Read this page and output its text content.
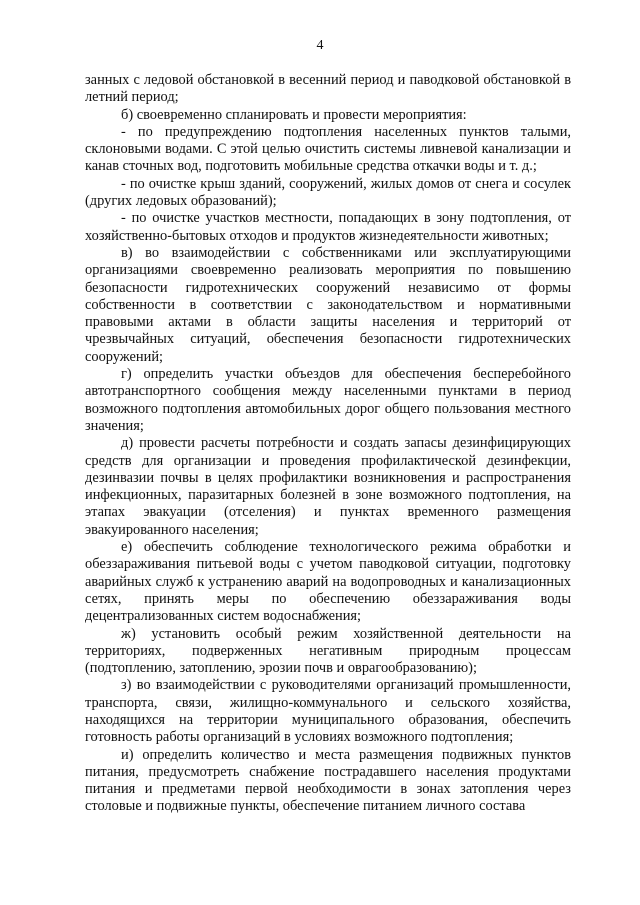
4

занных с ледовой обстановкой в весенний период и паводковой обстановкой в летний период;

б) своевременно спланировать и провести мероприятия:

- по предупреждению подтопления населенных пунктов талыми, склоновыми водами. С этой целью очистить системы ливневой канализации и канав сточных вод, подготовить мобильные средства откачки воды и т. д.;

- по очистке крыш зданий, сооружений, жилых домов от снега и сосулек (других ледовых образований);

- по очистке участков местности, попадающих в зону подтопления, от хозяйственно-бытовых отходов и продуктов жизнедеятельности животных;

в) во взаимодействии с собственниками или эксплуатирующими организациями своевременно реализовать мероприятия по повышению безопасности гидротехнических сооружений независимо от формы собственности в соответствии с законодательством и нормативными правовыми актами в области защиты населения и территорий от чрезвычайных ситуаций, обеспечения безопасности гидротехнических сооружений;

г) определить участки объездов для обеспечения бесперебойного автотранспортного сообщения между населенными пунктами в период возможного подтопления автомобильных дорог общего пользования местного значения;

д) провести расчеты потребности и создать запасы дезинфицирующих средств для организации и проведения профилактической дезинфекции, дезинвазии почвы в целях профилактики возникновения и распространения инфекционных, паразитарных болезней в зоне возможного подтопления, на этапах эвакуации (отселения) и пунктах временного размещения эвакуированного населения;

е) обеспечить соблюдение технологического режима обработки и обеззараживания питьевой воды с учетом паводковой ситуации, подготовку аварийных служб к устранению аварий на водопроводных и канализационных сетях, принять меры по обеспечению обеззараживания воды децентрализованных систем водоснабжения;

ж) установить особый режим хозяйственной деятельности на территориях, подверженных негативным природным процессам (подтоплению, затоплению, эрозии почв и оврагообразованию);

з) во взаимодействии с руководителями организаций промышленности, транспорта, связи, жилищно-коммунального и сельского хозяйства, находящихся на территории муниципального образования, обеспечить готовность работы организаций в условиях возможного подтопления;

и) определить количество и места размещения подвижных пунктов питания, предусмотреть снабжение пострадавшего населения продуктами питания и предметами первой необходимости в зонах затопления через столовые и подвижные пункты, обеспечение питанием личного состава
